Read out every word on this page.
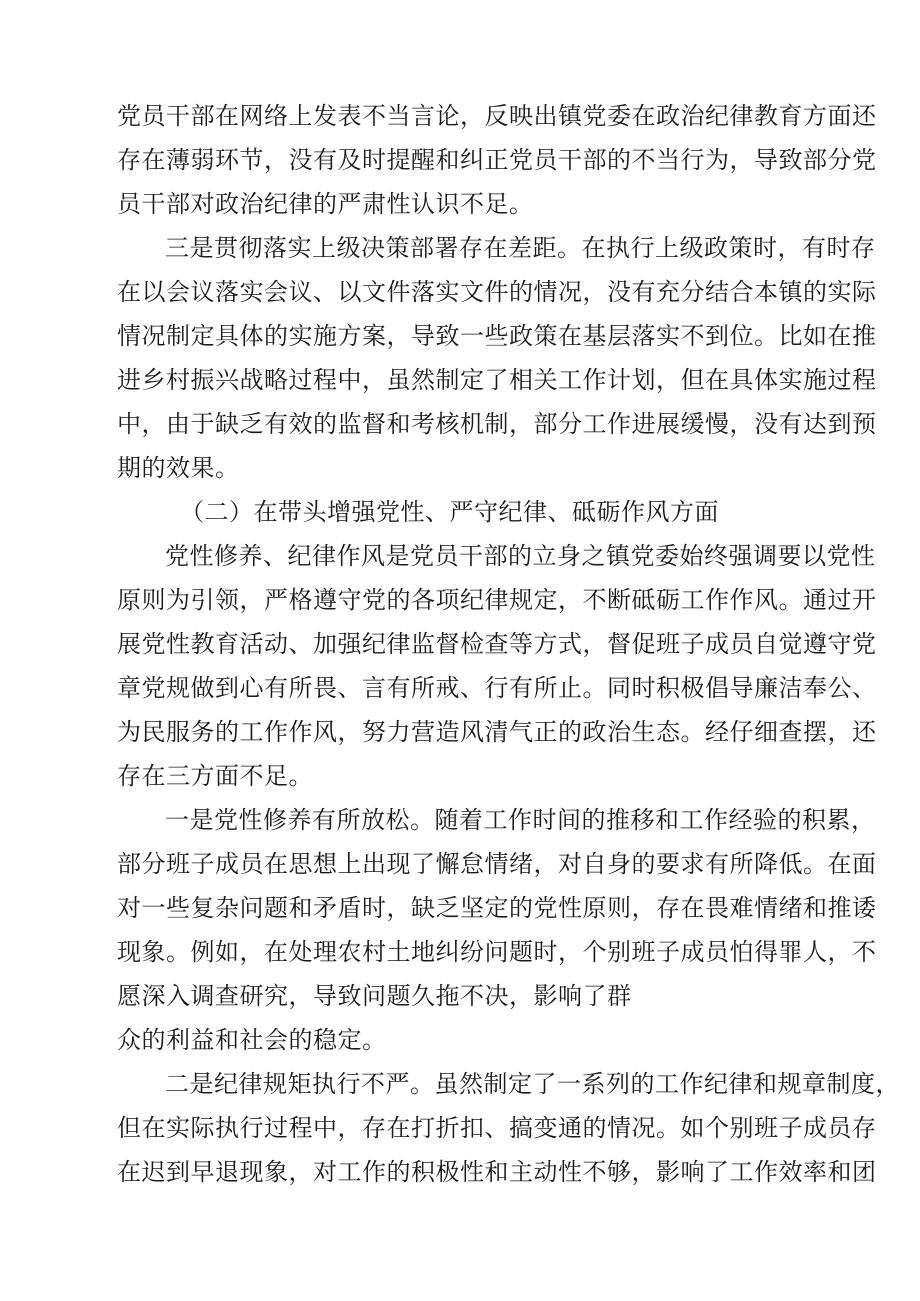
党员干部在网络上发表不当言论，反映出镇党委在政治纪律教育方面还
存在薄弱环节，没有及时提醒和纠正党员干部的不当行为，导致部分党
员干部对政治纪律的严肃性认识不足。
三是贯彻落实上级决策部署存在差距。在执行上级政策时，有时存
在以会议落实会议、以文件落实文件的情况，没有充分结合本镇的实际
情况制定具体的实施方案，导致一些政策在基层落实不到位。比如在推
进乡村振兴战略过程中，虽然制定了相关工作计划，但在具体实施过程
中，由于缺乏有效的监督和考核机制，部分工作进展缓慢，没有达到预
期的效果。
（二）在带头增强党性、严守纪律、砥砺作风方面
党性修养、纪律作风是党员干部的立身之镇党委始终强调要以党性
原则为引领，严格遵守党的各项纪律规定，不断砥砺工作作风。通过开
展党性教育活动、加强纪律监督检查等方式，督促班子成员自觉遵守党
章党规做到心有所畏、言有所戒、行有所止。同时积极倡导廉洁奉公、
为民服务的工作作风，努力营造风清气正的政治生态。经仔细查摆，还
存在三方面不足。
一是党性修养有所放松。随着工作时间的推移和工作经验的积累，
部分班子成员在思想上出现了懈怠情绪，对自身的要求有所降低。在面
对一些复杂问题和矛盾时，缺乏坚定的党性原则，存在畏难情绪和推诿
现象。例如，在处理农村土地纠纷问题时，个别班子成员怕得罪人，不
愿深入调查研究，导致问题久拖不决，影响了群
众的利益和社会的稳定。
二是纪律规矩执行不严。虽然制定了一系列的工作纪律和规章制度，
但在实际执行过程中，存在打折扣、搞变通的情况。如个别班子成员存
在迟到早退现象，对工作的积极性和主动性不够，影响了工作效率和团
